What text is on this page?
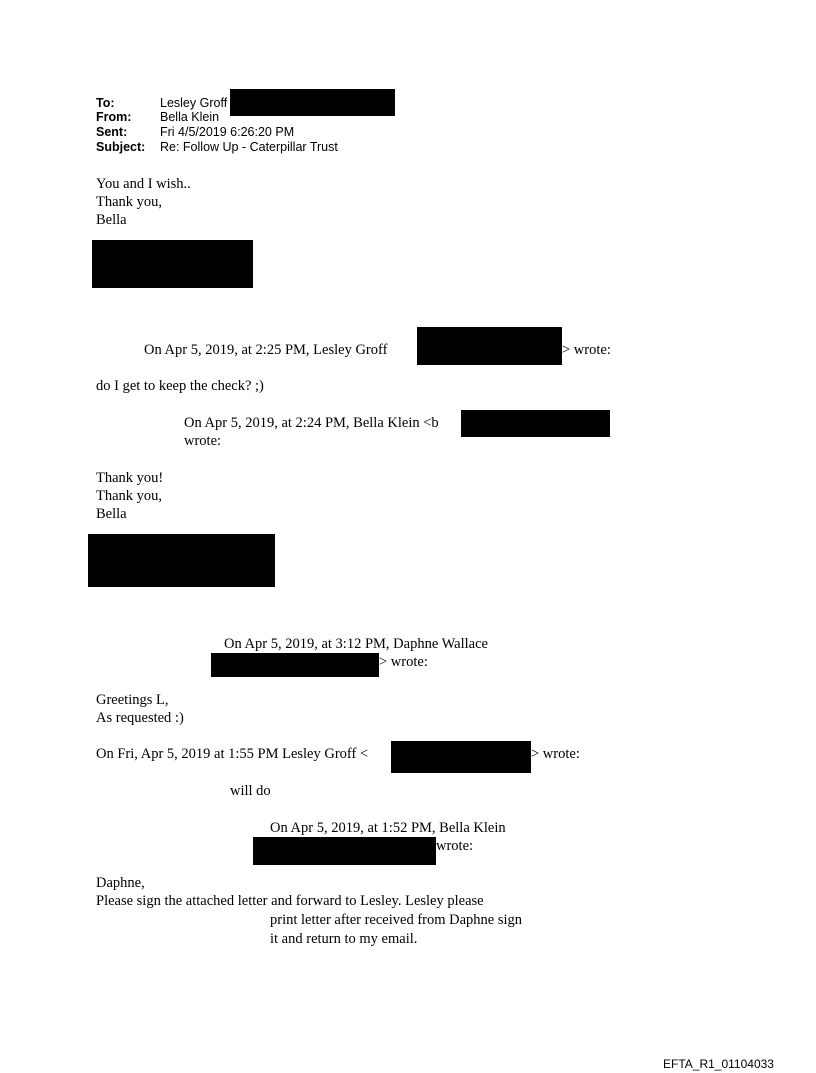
To:	Lesley Groff
From: Bella Klein
Sent:	Fri 4/5/2019 6:26:20 PM
Subject: Re: Follow Up - Caterpillar Trust
You and I wish..
Thank you,
Bella
On Apr 5, 2019, at 2:25 PM, Lesley Groff	> wrote:
do I get to keep the check? ;)
On Apr 5, 2019, at 2:24 PM, Bella Klein <b
wrote:
Thank you!
Thank you,
Bella
On Apr 5, 2019, at 3:12 PM, Daphne Wallace
> wrote:
Greetings L,
As requested :)
On Fri, Apr 5, 2019 at 1:55 PM Lesley Groff <	> wrote:
will do
On Apr 5, 2019, at 1:52 PM, Bella Klein
wrote:
Daphne,
Please sign the attached letter and forward to Lesley. Lesley please
print letter after received from Daphne sign
it and return to my email.
EFTA_R1_01104033
